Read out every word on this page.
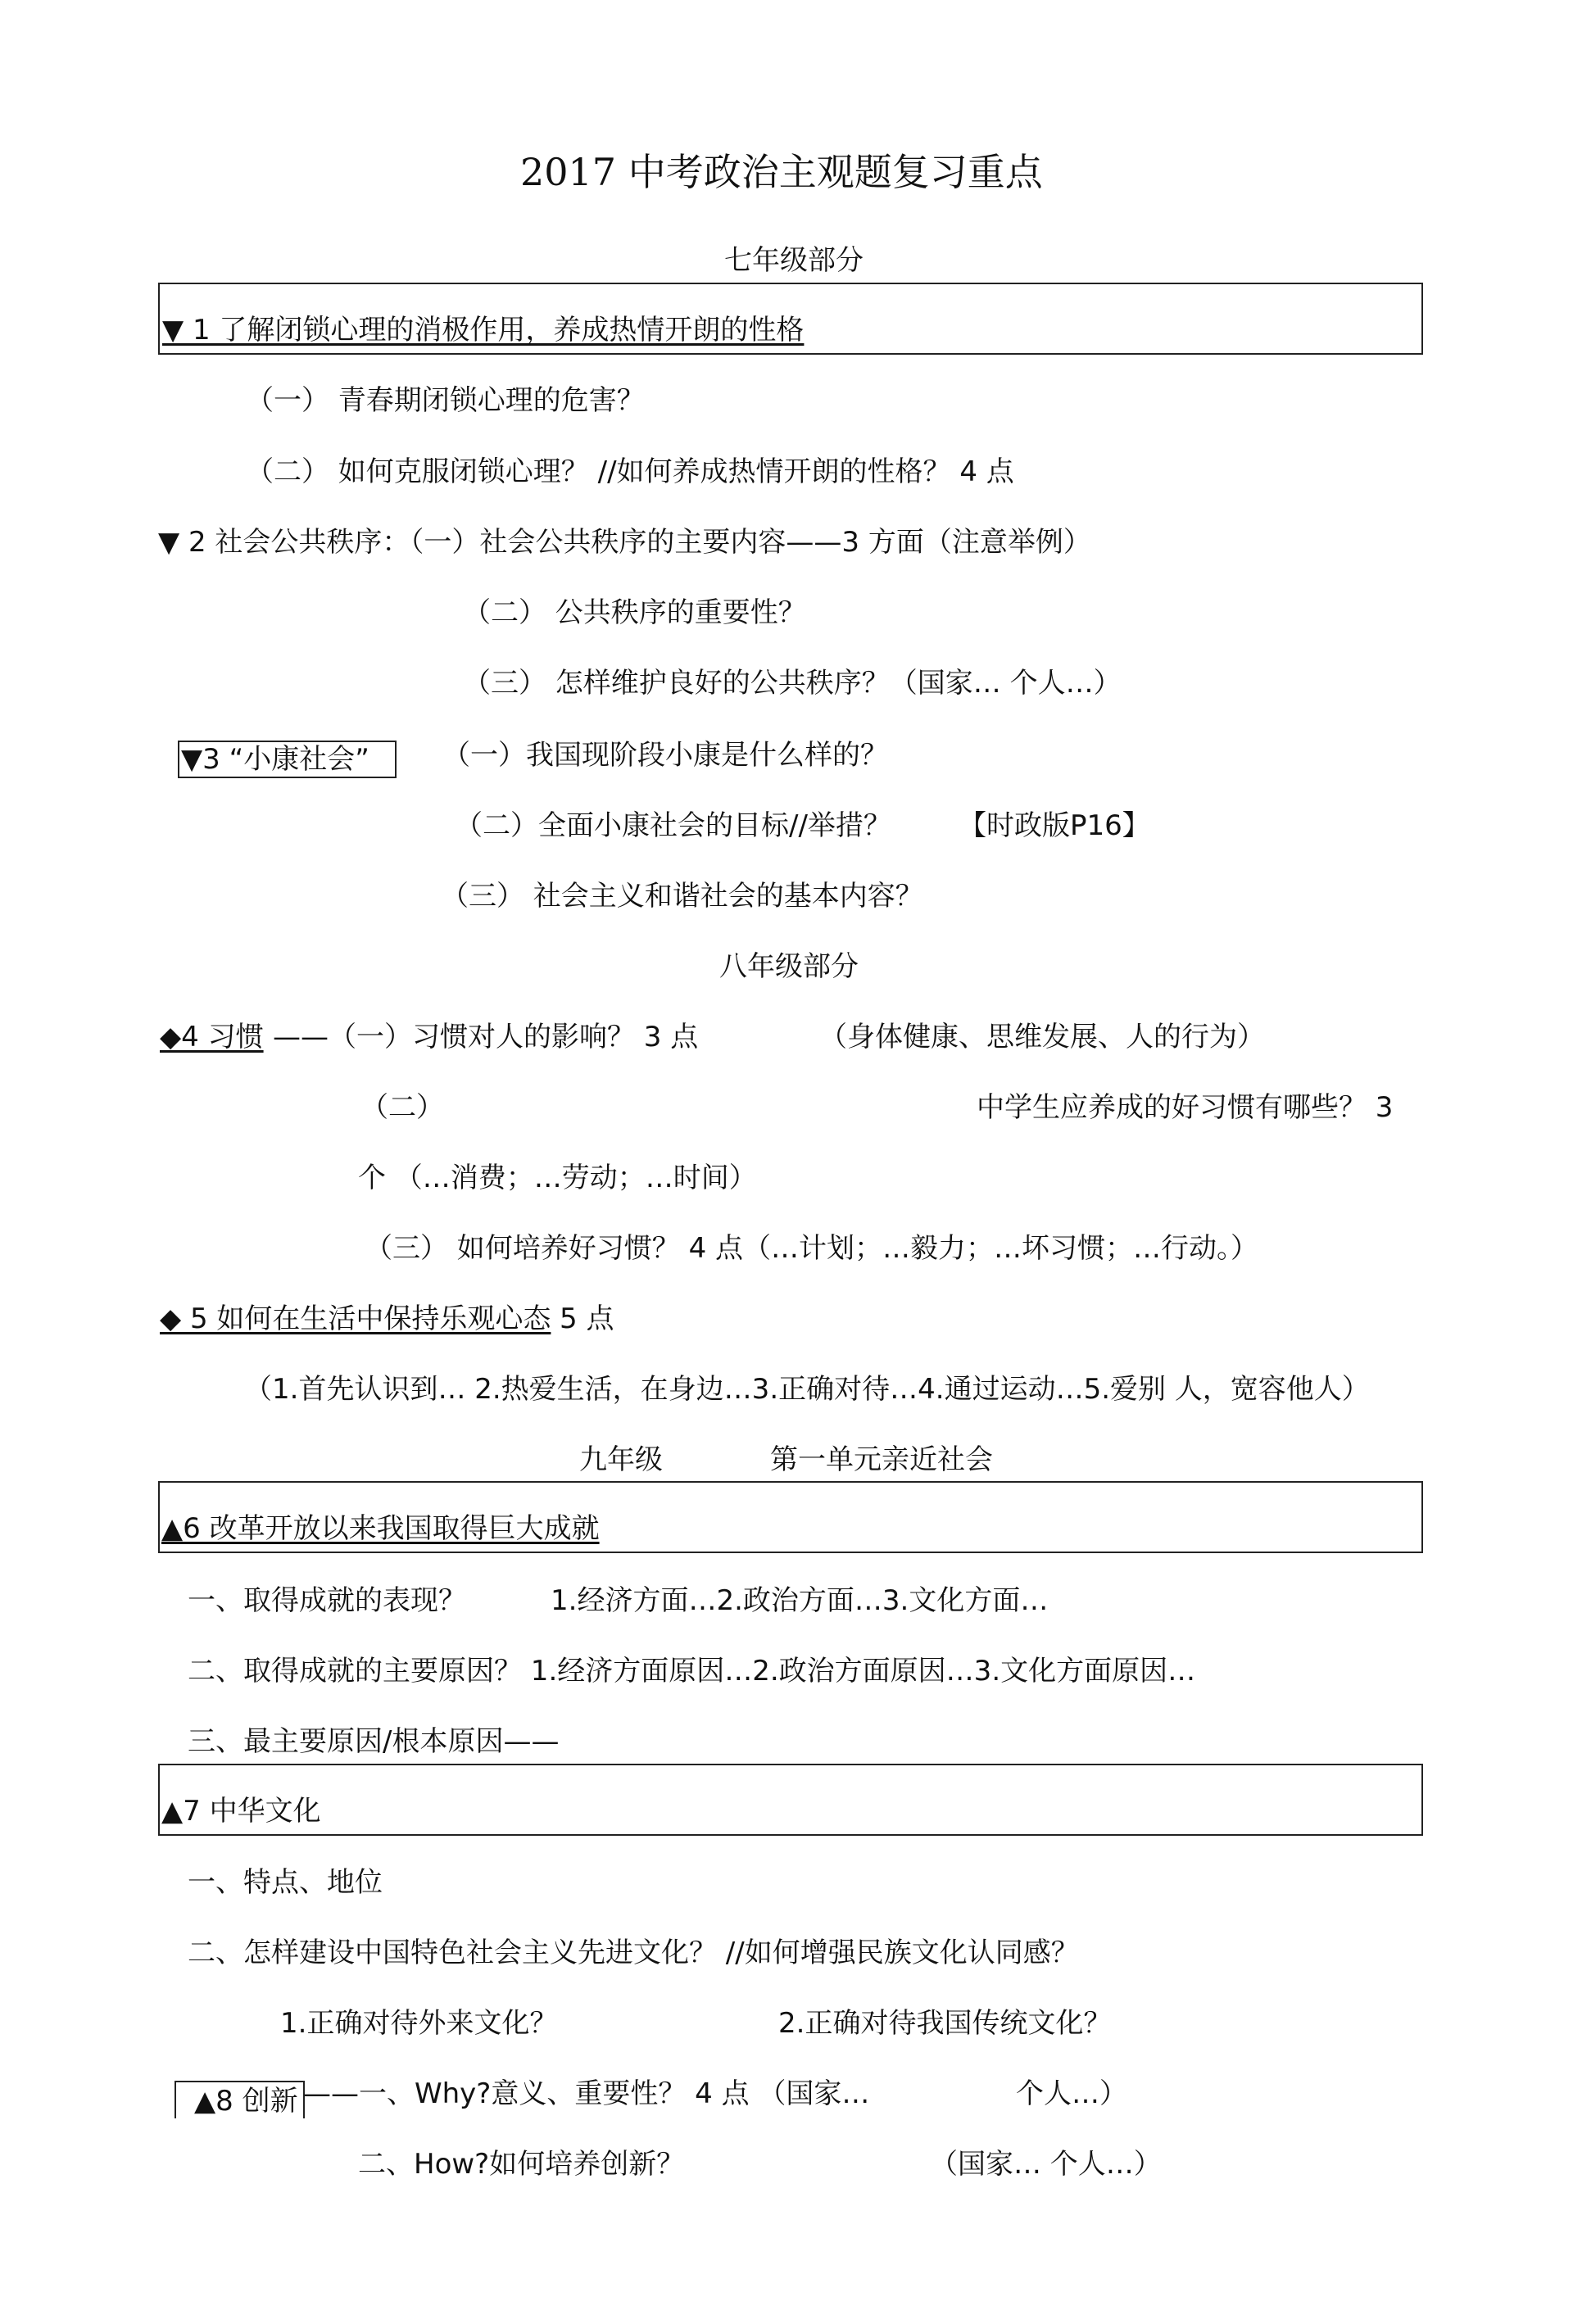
2017 中考政治主观题复习重点
七年级部分
▼ 1 了解闭锁心理的消极作用，养成热情开朗的性格
（一） 青春期闭锁心理的危害？
（二） 如何克服闭锁心理？ //如何养成热情开朗的性格？ 4 点
▼ 2 社会公共秩序：（一）社会公共秩序的主要内容——3 方面（注意举例）
（二） 公共秩序的重要性？
（三） 怎样维护良好的公共秩序？（国家… 个人…）
▼3 “小康社会”	（一）我国现阶段小康是什么样的？
（二）全面小康社会的目标//举措？ 【时政版P16】
（三） 社会主义和谐社会的基本内容？
八年级部分
◆4 习惯 ——（一）习惯对人的影响？ 3 点	（身体健康、思维发展、人的行为）
（二）	中学生应养成的好习惯有哪些？ 3
个 （…消费；…劳动；…时间）
（三） 如何培养好习惯？ 4 点（…计划；…毅力；…坏习惯；…行动。）
◆ 5 如何在生活中保持乐观心态 5 点
（1.首先认识到… 2.热爱生活，在身边…3.正确对待…4.通过运动…5.爱别 人，宽容他人）
九年级	第一单元亲近社会
▲6 改革开放以来我国取得巨大成就
一、取得成就的表现？	1.经济方面…2.政治方面…3.文化方面…
二、取得成就的主要原因？ 1.经济方面原因…2.政治方面原因…3.文化方面原因…
三、最主要原因/根本原因——
▲7 中华文化
一、特点、地位
二、怎样建设中国特色社会主义先进文化？ //如何增强民族文化认同感？
1.正确对待外来文化？	2.正确对待我国传统文化？
▲8 创新 ——一、Why?意义、重要性？ 4 点 （国家…	个人…）
二、How?如何培养创新？	（国家… 个人…）
